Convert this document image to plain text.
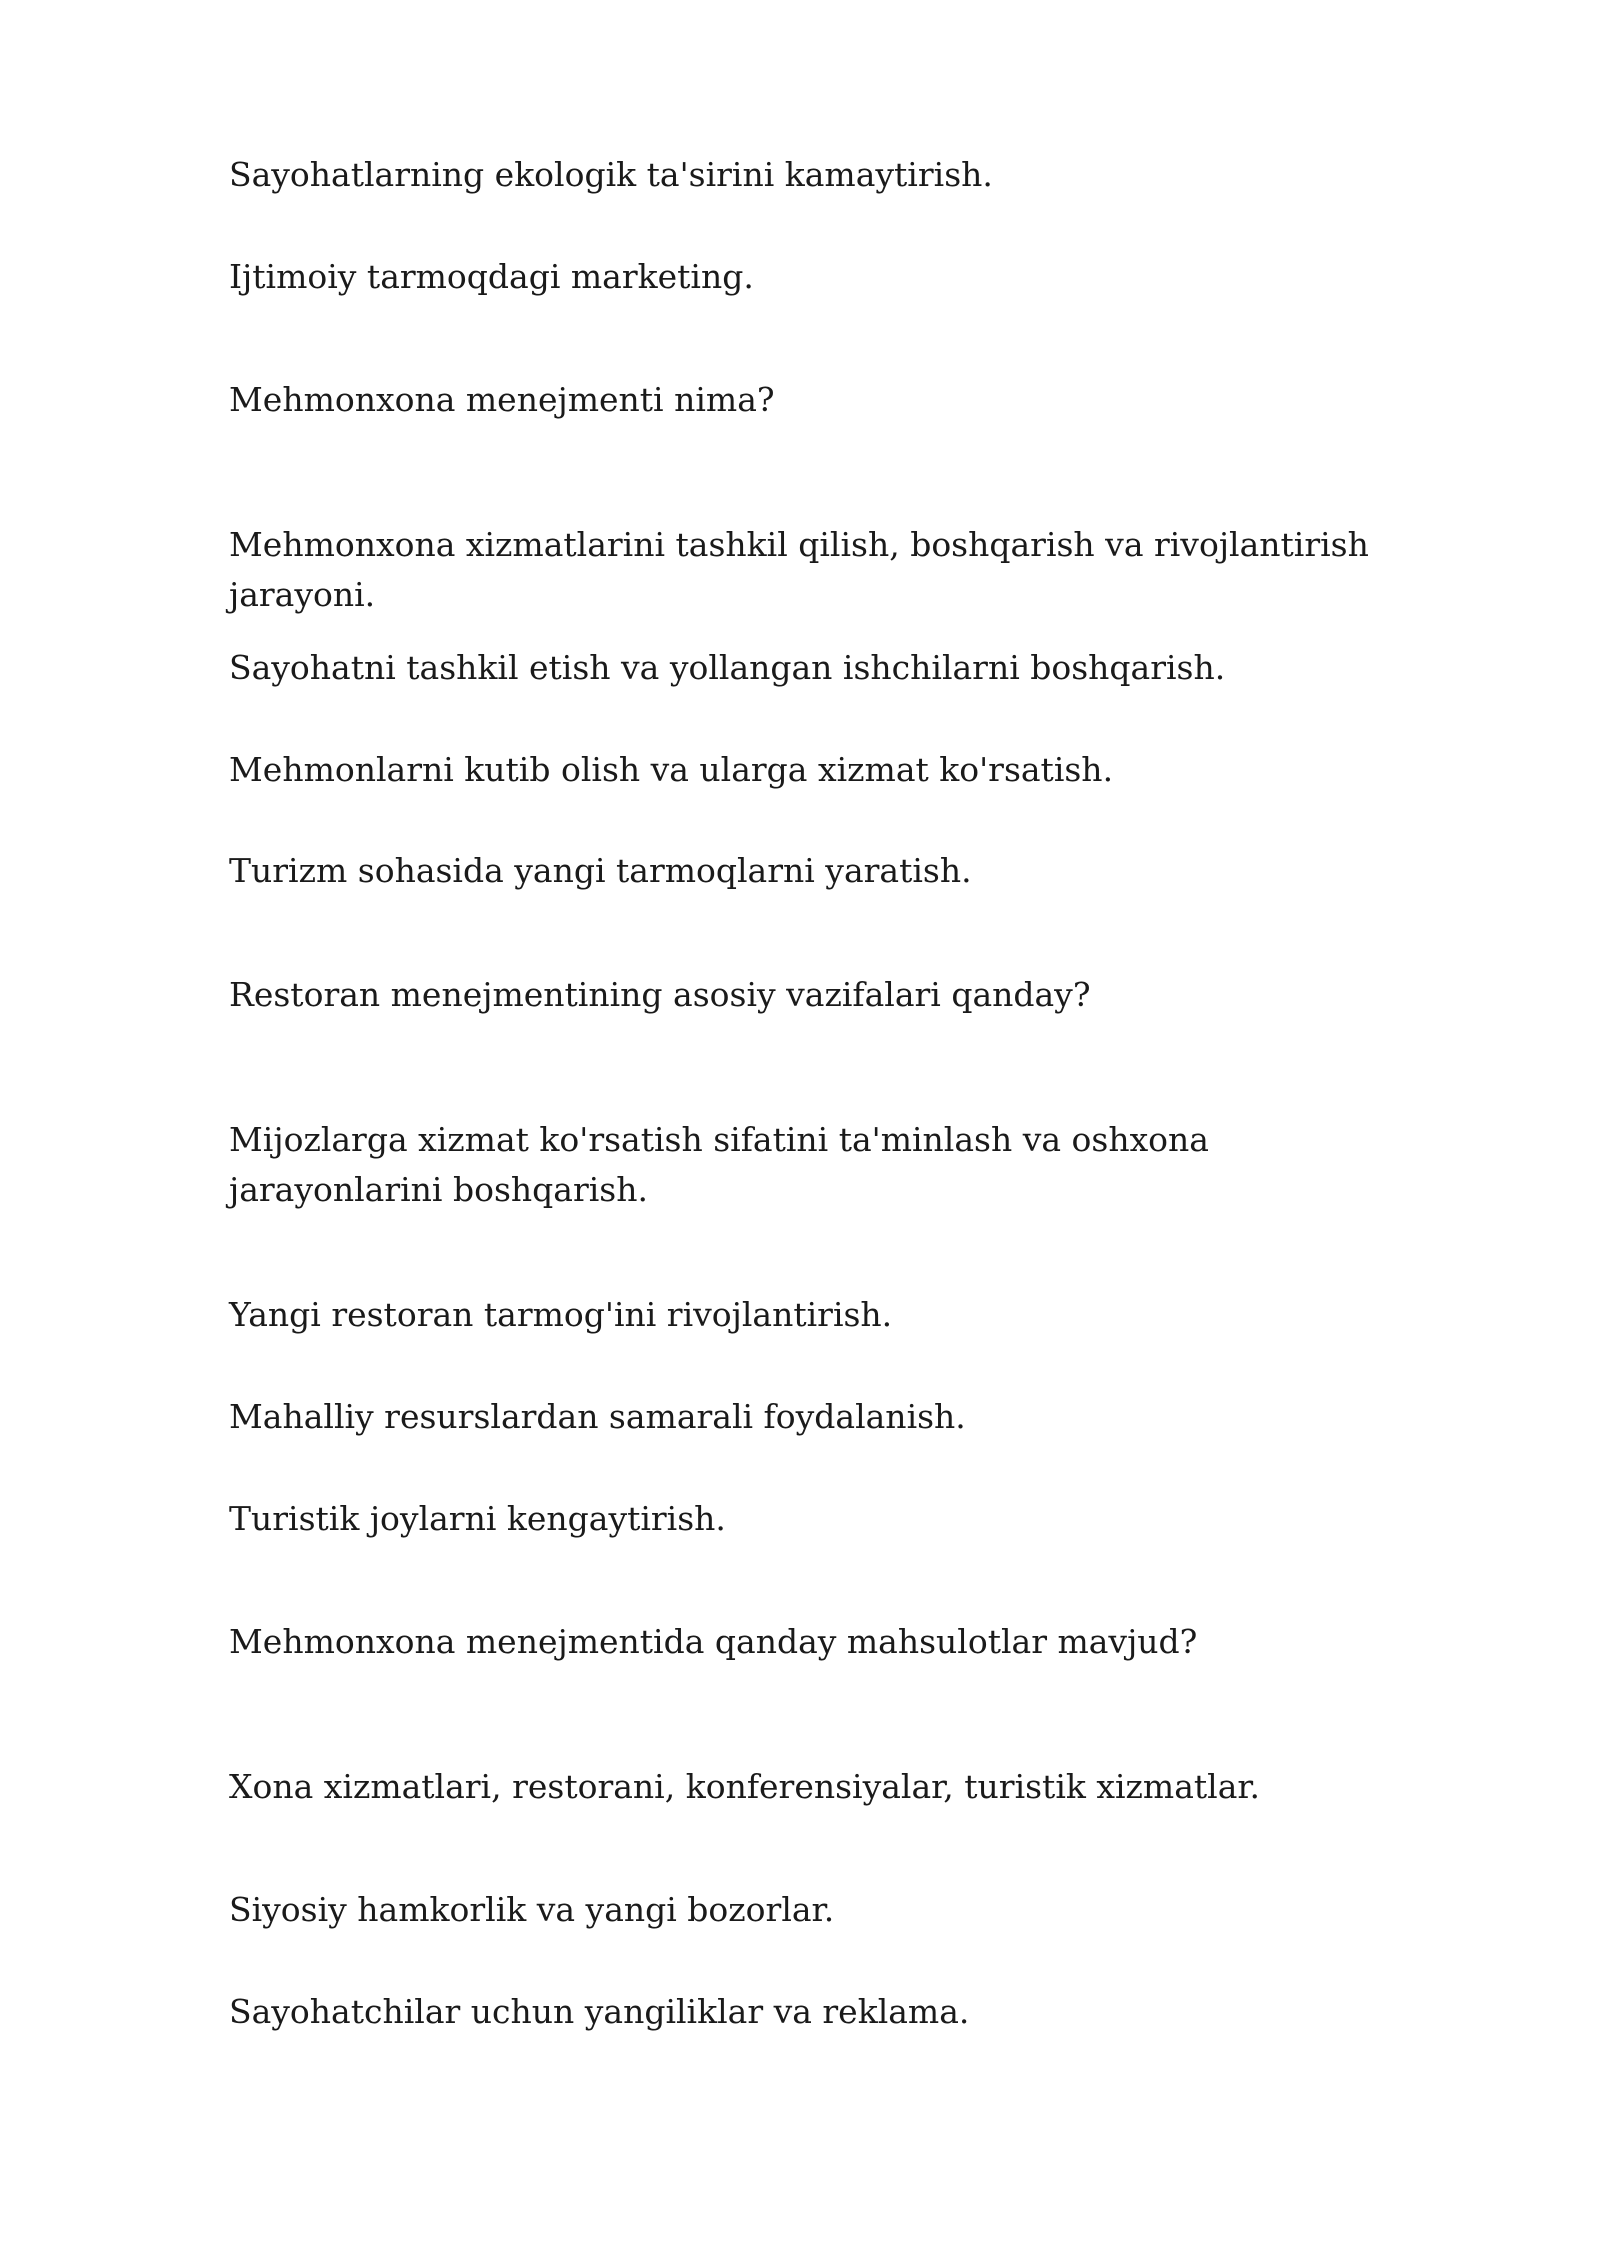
Sayohatlarning ekologik ta'sirini kamaytirish.

Ijtimoiy tarmoqdagi marketing.

Mehmonxona menejmenti nima?

Mehmonxona xizmatlarini tashkil qilish, boshqarish va rivojlantirish jarayoni.

Sayohatni tashkil etish va yollangan ishchilarni boshqarish.

Mehmonlarni kutib olish va ularga xizmat ko'rsatish.

Turizm sohasida yangi tarmoqlarni yaratish.

Restoran menejmentining asosiy vazifalari qanday?

Mijozlarga xizmat ko'rsatish sifatini ta'minlash va oshxona jarayonlarini boshqarish.

Yangi restoran tarmog'ini rivojlantirish.

Mahalliy resurslardan samarali foydalanish.

Turistik joylarni kengaytirish.

Mehmonxona menejmentida qanday mahsulotlar mavjud?

Xona xizmatlari, restorani, konferensiyalar, turistik xizmatlar.

Siyosiy hamkorlik va yangi bozorlar.

Sayohatchilar uchun yangiliklar va reklama.
